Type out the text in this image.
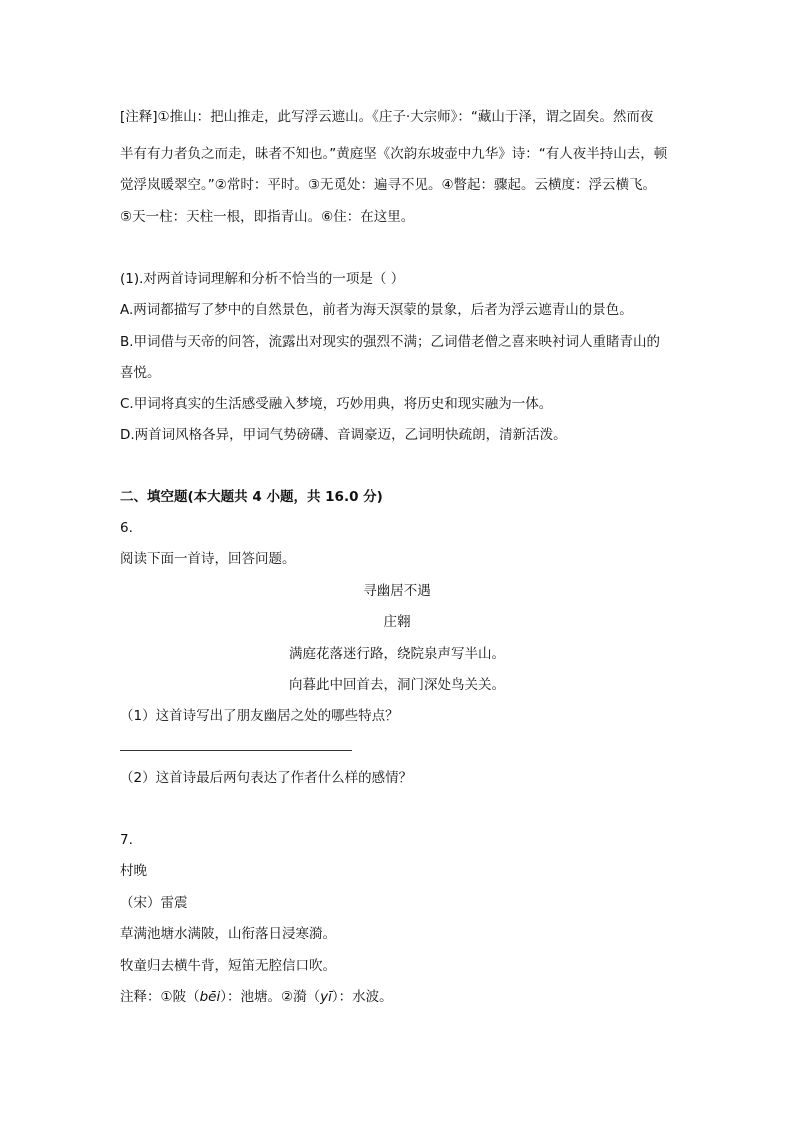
[注释]①推山：把山推走，此写浮云遮山。《庄子·大宗师》：“藏山于泽，谓之固矣。然而夜
半有有力者负之而走，昧者不知也。”黄庭坚《次韵东坡壶中九华》诗：“有人夜半持山去，顿
觉浮岚暖翠空。”②常时：平时。③无觅处：遍寻不见。④瞥起：骤起。云横度：浮云横飞。
⑤天一柱：天柱一根，即指青山。⑥住：在这里。
(1).对两首诗词理解和分析不恰当的一项是（ ）
A.两词都描写了梦中的自然景色，前者为海天溟蒙的景象，后者为浮云遮青山的景色。
B.甲词借与天帝的问答，流露出对现实的强烈不满；乙词借老僧之喜来映衬词人重睹青山的
喜悦。
C.甲词将真实的生活感受融入梦境，巧妙用典，将历史和现实融为一体。
D.两首词风格各异，甲词气势磅礴、音调豪迈，乙词明快疏朗，清新活泼。
二、填空题(本大题共 4 小题，共 16.0 分)
6.
阅读下面一首诗，回答问题。
寻幽居不遇
庄翱
满庭花落迷行路，绕院泉声写半山。
向暮此中回首去，洞门深处鸟关关。
（1）这首诗写出了朋友幽居之处的哪些特点？
（2）这首诗最后两句表达了作者什么样的感情？
7.
村晚
（宋）雷震
草满池塘水满陂，山衔落日浸寒漪。
牧童归去横牛背，短笛无腔信口吹。
注释：①陂（bēi）：池塘。②漪（yī）：水波。
